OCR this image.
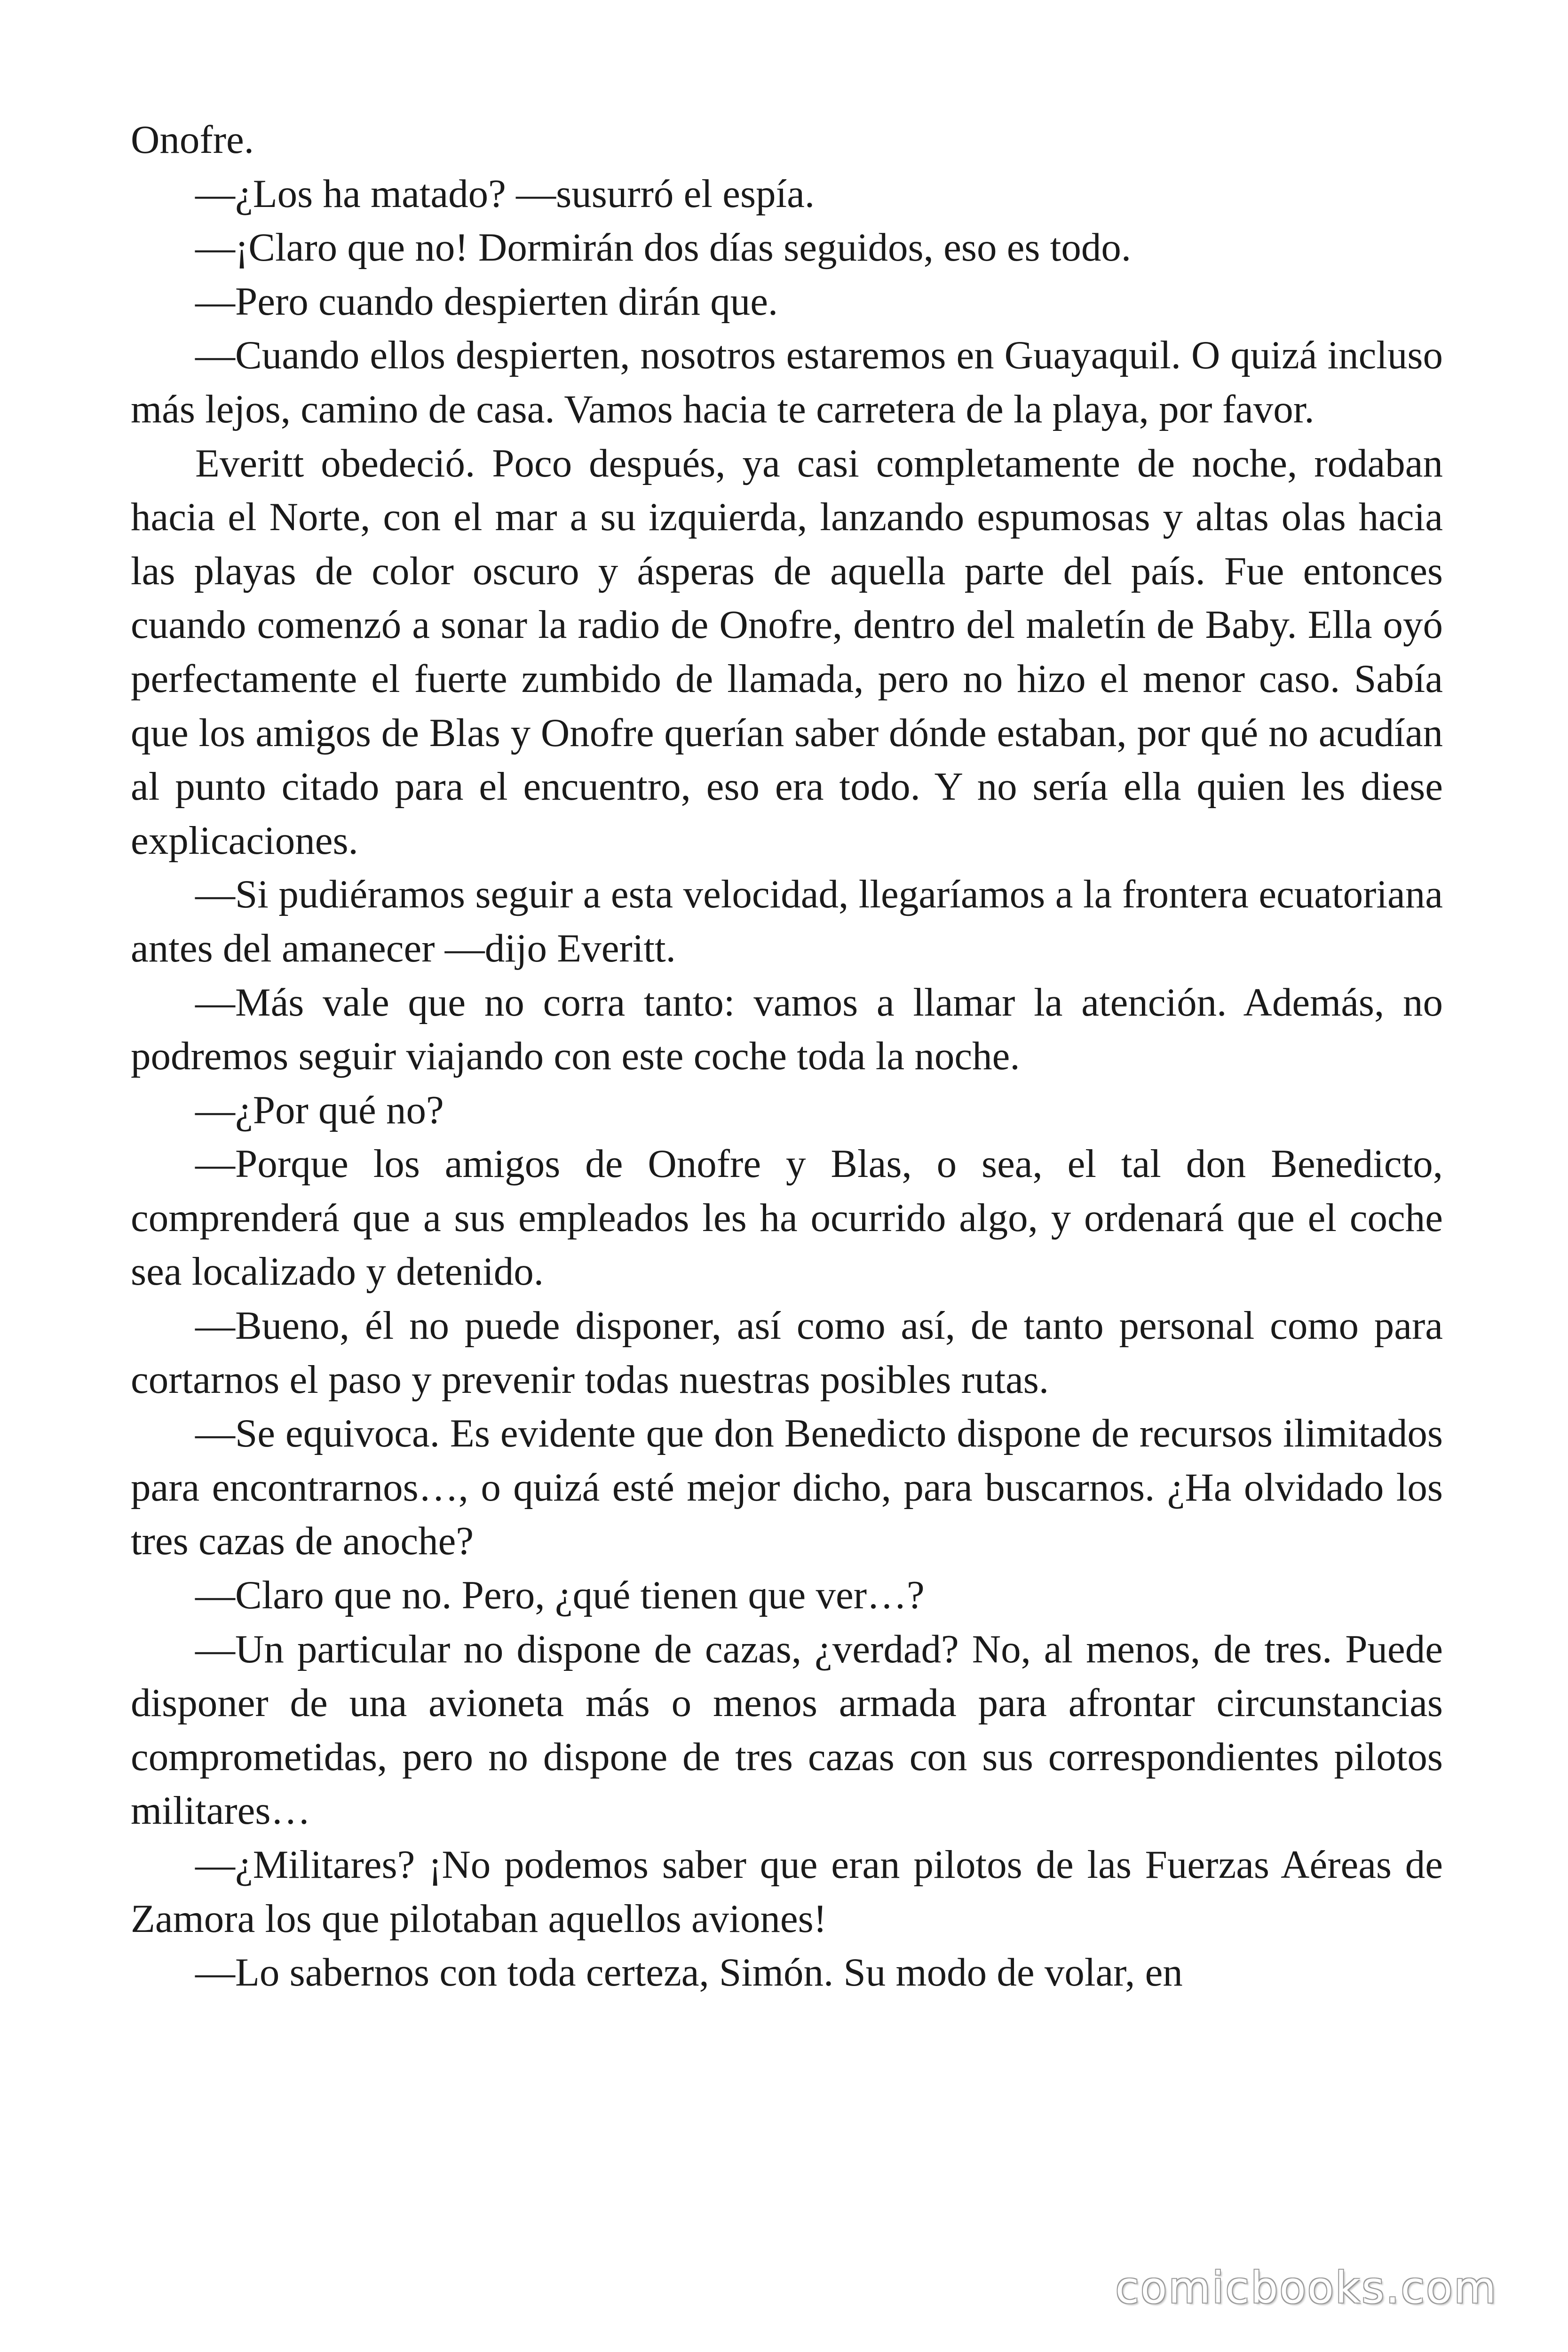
Onofre.

—¿Los ha matado? —susurró el espía.

—¡Claro que no! Dormirán dos días seguidos, eso es todo.

—Pero cuando despierten dirán que.

—Cuando ellos despierten, nosotros estaremos en Guayaquil. O quizá incluso más lejos, camino de casa. Vamos hacia te carretera de la playa, por favor.

Everitt obedeció. Poco después, ya casi completamente de noche, rodaban hacia el Norte, con el mar a su izquierda, lanzando espumosas y altas olas hacia las playas de color oscuro y ásperas de aquella parte del país. Fue entonces cuando comenzó a sonar la radio de Onofre, dentro del maletín de Baby. Ella oyó perfectamente el fuerte zumbido de llamada, pero no hizo el menor caso. Sabía que los amigos de Blas y Onofre querían saber dónde estaban, por qué no acudían al punto citado para el encuentro, eso era todo. Y no sería ella quien les diese explicaciones.

—Si pudiéramos seguir a esta velocidad, llegaríamos a la frontera ecuatoriana antes del amanecer —dijo Everitt.

—Más vale que no corra tanto: vamos a llamar la atención. Además, no podremos seguir viajando con este coche toda la noche.

—¿Por qué no?

—Porque los amigos de Onofre y Blas, o sea, el tal don Benedicto, comprenderá que a sus empleados les ha ocurrido algo, y ordenará que el coche sea localizado y detenido.

—Bueno, él no puede disponer, así como así, de tanto personal como para cortarnos el paso y prevenir todas nuestras posibles rutas.

—Se equivoca. Es evidente que don Benedicto dispone de recursos ilimitados para encontrarnos…, o quizá esté mejor dicho, para buscarnos. ¿Ha olvidado los tres cazas de anoche?

—Claro que no. Pero, ¿qué tienen que ver…?

—Un particular no dispone de cazas, ¿verdad? No, al menos, de tres. Puede disponer de una avioneta más o menos armada para afrontar circunstancias comprometidas, pero no dispone de tres cazas con sus correspondientes pilotos militares…

—¿Militares? ¡No podemos saber que eran pilotos de las Fuerzas Aéreas de Zamora los que pilotaban aquellos aviones!

—Lo sabernos con toda certeza, Simón. Su modo de volar, en

comicbooks.com
